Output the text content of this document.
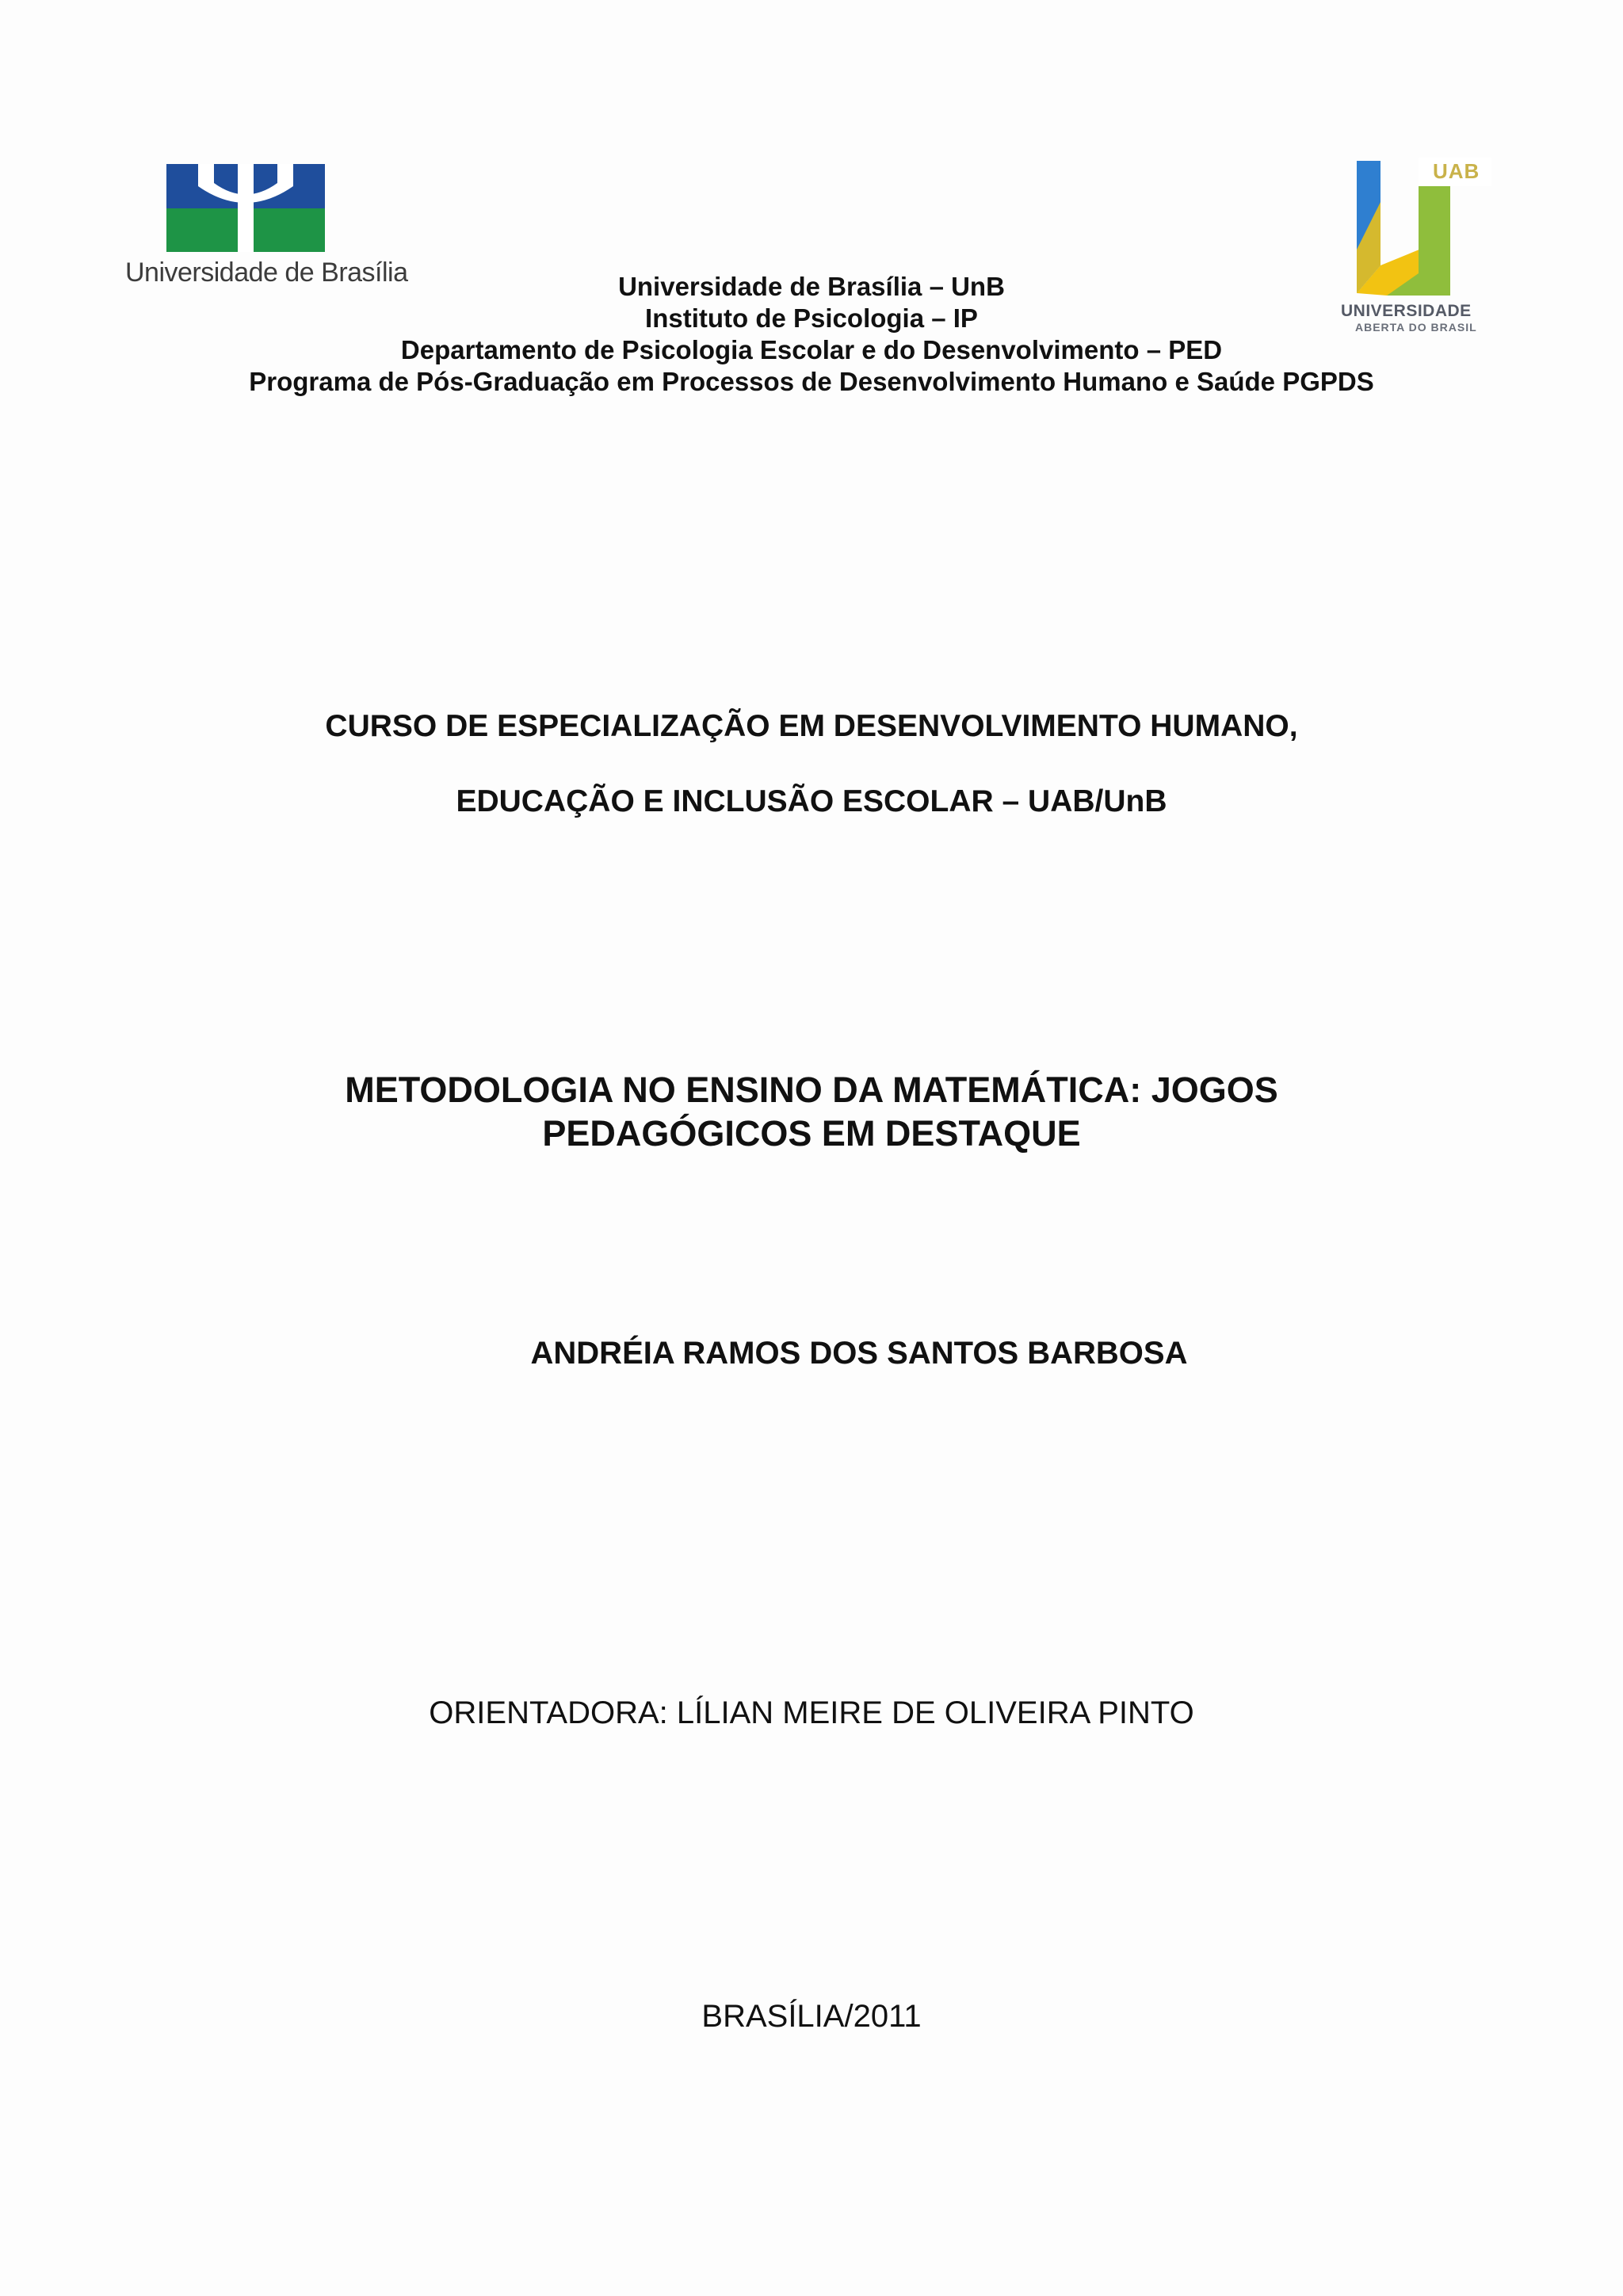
Universidade de Brasília
UAB
UNIVERSIDADE
ABERTA DO BRASIL
Universidade de Brasília – UnB
Instituto de Psicologia – IP
Departamento de Psicologia Escolar e do Desenvolvimento – PED
Programa de Pós-Graduação em Processos de Desenvolvimento Humano e Saúde PGPDS
CURSO DE ESPECIALIZAÇÃO EM DESENVOLVIMENTO HUMANO,
EDUCAÇÃO E INCLUSÃO ESCOLAR – UAB/UnB
METODOLOGIA NO ENSINO DA MATEMÁTICA: JOGOS
PEDAGÓGICOS EM DESTAQUE
ANDRÉIA RAMOS DOS SANTOS BARBOSA
ORIENTADORA: LÍLIAN MEIRE DE OLIVEIRA PINTO
BRASÍLIA/2011
